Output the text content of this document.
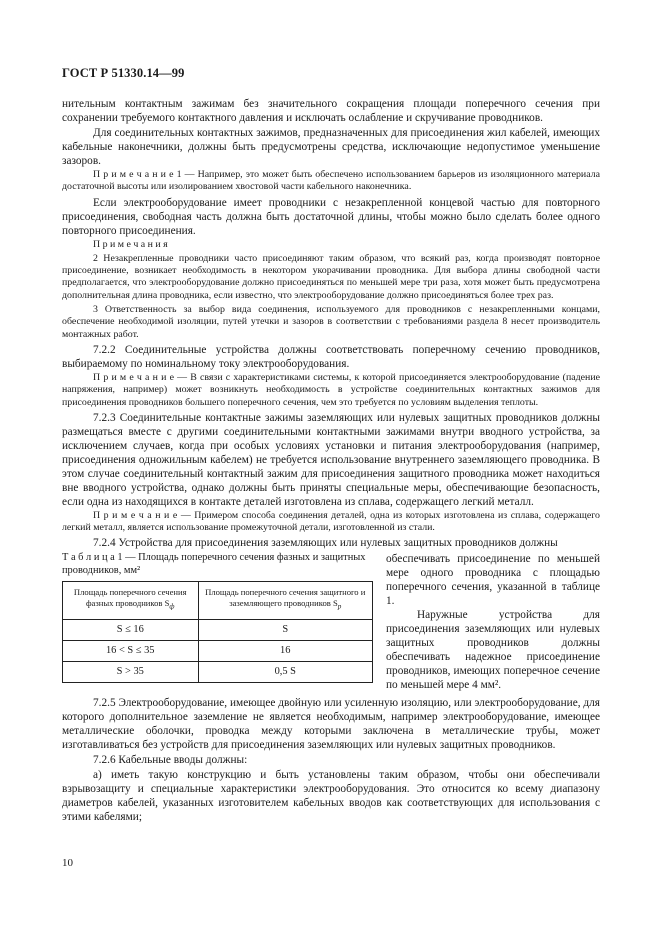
ГОСТ Р 51330.14—99

нительным контактным зажимам без значительного сокращения площади поперечного сечения при сохранении требуемого контактного давления и исключать ослабление и скручивание проводников.

Для соединительных контактных зажимов, предназначенных для присоединения жил кабелей, имеющих кабельные наконечники, должны быть предусмотрены средства, исключающие недопустимое уменьшение зазоров.

П р и м е ч а н и е 1 — Например, это может быть обеспечено использованием барьеров из изоляционного материала достаточной высоты или изолированием хвостовой части кабельного наконечника.

Если электрооборудование имеет проводники с незакрепленной концевой частью для повторного присоединения, свободная часть должна быть достаточной длины, чтобы можно было сделать более одного повторного присоединения.

П р и м е ч а н и я

2 Незакрепленные проводники часто присоединяют таким образом, что всякий раз, когда производят повторное присоединение, возникает необходимость в некотором укорачивании проводника. Для выбора длины свободной части предполагается, что электрооборудование должно присоединяться по меньшей мере три раза, хотя может быть предусмотрена дополнительная длина проводника, если известно, что электрооборудование должно присоединяться более трех раз.

3 Ответственность за выбор вида соединения, используемого для проводников с незакрепленными концами, обеспечение необходимой изоляции, путей утечки и зазоров в соответствии с требованиями раздела 8 несет производитель монтажных работ.

7.2.2 Соединительные устройства должны соответствовать поперечному сечению проводников, выбираемому по номинальному току электрооборудования.

П р и м е ч а н и е — В связи с характеристиками системы, к которой присоединяется электрооборудование (падение напряжения, например) может возникнуть необходимость в устройстве соединительных контактных зажимов для присоединения проводников большего поперечного сечения, чем это требуется по условиям выделения теплоты.

7.2.3 Соединительные контактные зажимы заземляющих или нулевых защитных проводников должны размещаться вместе с другими соединительными контактными зажимами внутри вводного устройства, за исключением случаев, когда при особых условиях установки и питания электрооборудования (например, присоединения одножильным кабелем) не требуется использование внутреннего заземляющего проводника. В этом случае соединительный контактный зажим для присоединения защитного проводника может находиться вне вводного устройства, однако должны быть приняты специальные меры, обеспечивающие безопасность, если одна из находящихся в контакте деталей изготовлена из сплава, содержащего легкий металл.

П р и м е ч а н и е — Примером способа соединения деталей, одна из которых изготовлена из сплава, содержащего легкий металл, является использование промежуточной детали, изготовленной из стали.

7.2.4 Устройства для присоединения заземляющих или нулевых защитных проводников должны

Т а б л и ц а 1 — Площадь поперечного сечения фазных и защитных проводников, мм²

Площадь поперечного сечения фазных проводников $S_ф$	Площадь поперечного сечения защитного и заземляющего проводников $S_p$
S ≤ 16	S
16 < S ≤ 35	16
S > 35	0,5 S

обеспечивать присоединение по меньшей мере одного проводника с площадью поперечного сечения, указанной в таблице 1.

Наружные устройства для присоединения заземляющих или нулевых защитных проводников должны обеспечивать надежное присоединение проводников, имеющих поперечное сечение по меньшей мере 4 мм².

7.2.5 Электрооборудование, имеющее двойную или усиленную изоляцию, или электрооборудование, для которого дополнительное заземление не является необходимым, например электрооборудование, имеющее металлические оболочки, проводка между которыми заключена в металлические трубы, может изготавливаться без устройств для присоединения заземляющих или нулевых защитных проводников.

7.2.6 Кабельные вводы должны:

а) иметь такую конструкцию и быть установлены таким образом, чтобы они обеспечивали взрывозащиту и специальные характеристики электрооборудования. Это относится ко всему диапазону диаметров кабелей, указанных изготовителем кабельных вводов как соответствующих для использования с этими кабелями;

10
